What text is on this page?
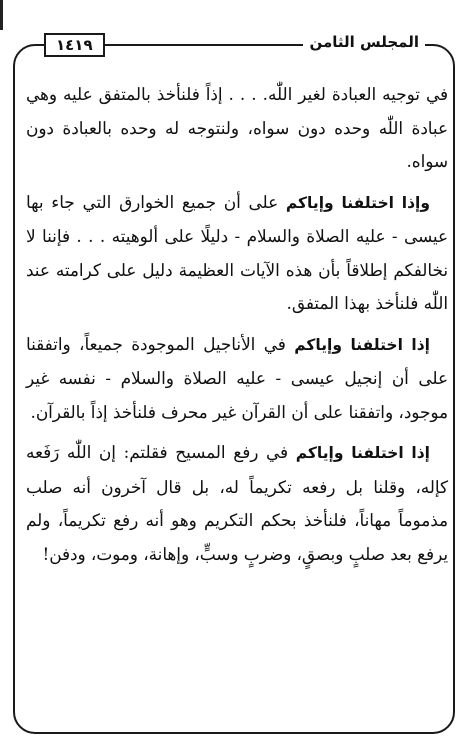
المجلس الثامن
١٤١٩

في توجيه العبادة لغير اللّٰه. . . . إذاً فلنأخذ بالمتفق عليه وهي عبادة اللّٰه وحده دون سواه، ولنتوجه له وحده بالعبادة دون سواه.

وإذا اختلفنا وإياكم على أن جميع الخوارق التي جاء بها عيسى - عليه الصلاة والسلام - دليلًا على ألوهيته . . . فإننا لا نخالفكم إطلاقاً بأن هذه الآيات العظيمة دليل على كرامته عند اللّٰه فلنأخذ بهذا المتفق.

إذا اختلفنا وإياكم في الأناجيل الموجودة جميعاً، واتفقنا على أن إنجيل عيسى - عليه الصلاة والسلام - نفسه غير موجود، واتفقنا على أن القرآن غير محرف فلنأخذ إذاً بالقرآن.

إذا اختلفنا وإياكم في رفع المسيح فقلتم: إن اللّٰه رَفَعه كإله، وقلنا بل رفعه تكريماً له، بل قال آخرون أنه صلب مذموماً مهاناً، فلنأخذ بحكم التكريم وهو أنه رفع تكريماً، ولم يرفع بعد صلبٍ وبصقٍ، وضربٍ وسبٍّ، وإهانة، وموت، ودفن!
